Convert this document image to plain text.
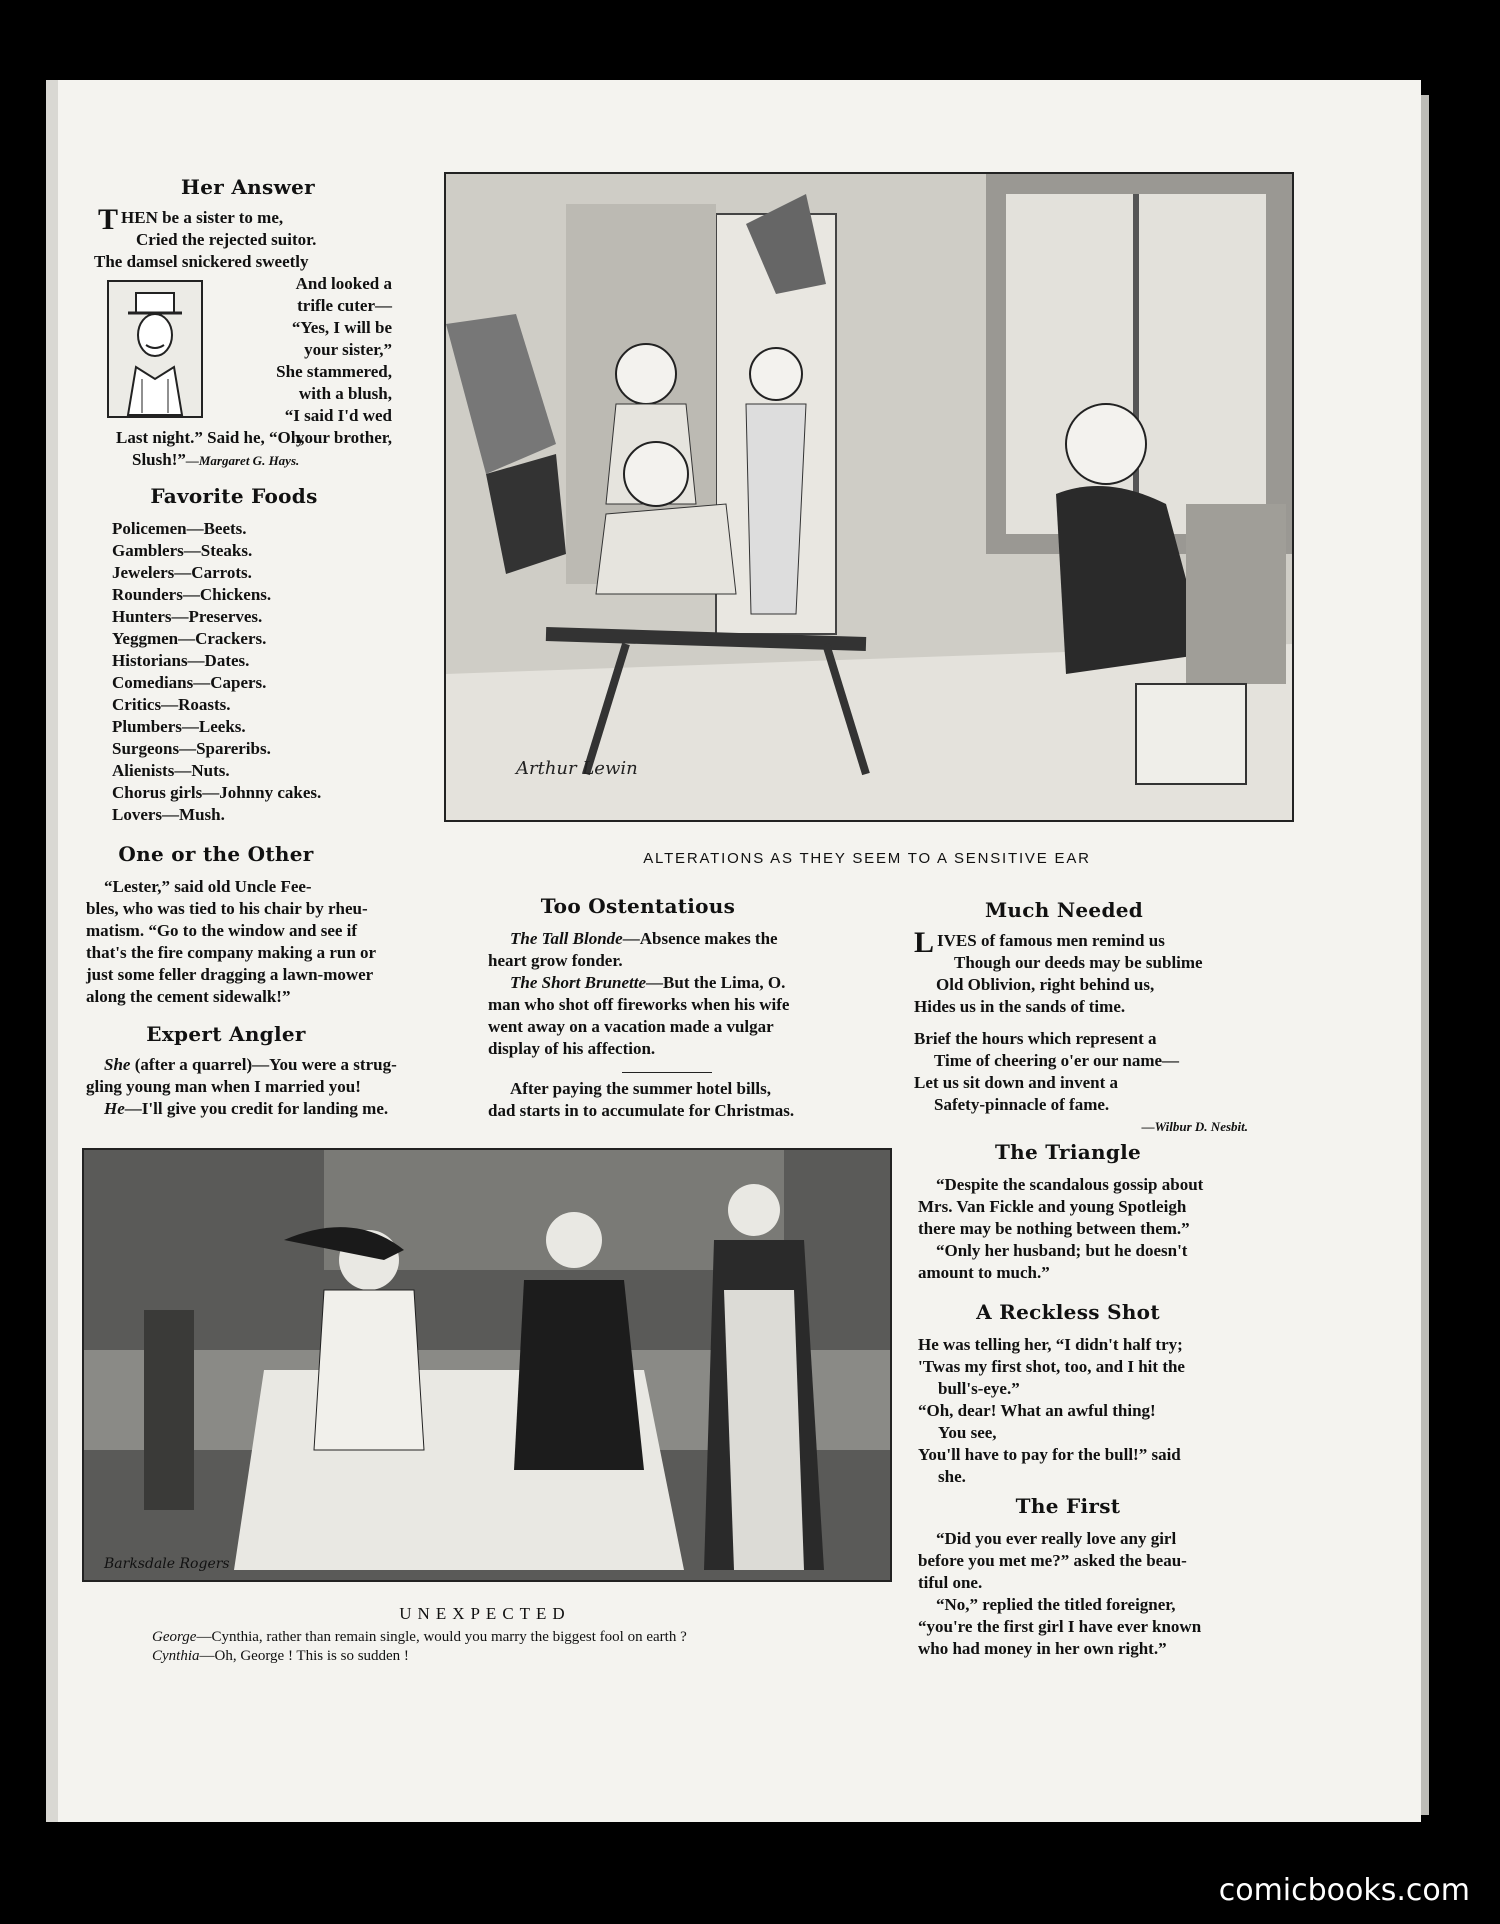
Her Answer
THEN be a sister to me,
Cried the rejected suitor.
The damsel snickered sweetly
And looked a
trifle cuter—
“Yes, I will be
your sister,”
She stammered,
with a blush,
“I said I'd wed
your brother,
Last night.” Said he, “Oh,
Slush!”—Margaret G. Hays.
Favorite Foods
Policemen—Beets.
Gamblers—Steaks.
Jewelers—Carrots.
Rounders—Chickens.
Hunters—Preserves.
Yeggmen—Crackers.
Historians—Dates.
Comedians—Capers.
Critics—Roasts.
Plumbers—Leeks.
Surgeons—Spareribs.
Alienists—Nuts.
Chorus girls—Johnny cakes.
Lovers—Mush.
Arthur Lewin
ALTERATIONS AS THEY SEEM TO A SENSITIVE EAR
One or the Other
“Lester,” said old Uncle Fee-
bles, who was tied to his chair by rheu-
matism. “Go to the window and see if
that's the fire company making a run or
just some feller dragging a lawn-mower
along the cement sidewalk!”
Expert Angler
She (after a quarrel)—You were a strug-
gling young man when I married you!
He—I'll give you credit for landing me.
Too Ostentatious
The Tall Blonde—Absence makes the
heart grow fonder.
The Short Brunette—But the Lima, O.
man who shot off fireworks when his wife
went away on a vacation made a vulgar
display of his affection.
After paying the summer hotel bills,
dad starts in to accumulate for Christmas.
Much Needed
LIVES of famous men remind us
Though our deeds may be sublime
Old Oblivion, right behind us,
Hides us in the sands of time.
Brief the hours which represent a
Time of cheering o'er our name—
Let us sit down and invent a
Safety-pinnacle of fame.
—Wilbur D. Nesbit.
The Triangle
“Despite the scandalous gossip about
Mrs. Van Fickle and young Spotleigh
there may be nothing between them.”
“Only her husband; but he doesn't
amount to much.”
A Reckless Shot
He was telling her, “I didn't half try;
'Twas my first shot, too, and I hit the
bull's-eye.”
“Oh, dear! What an awful thing!
You see,
You'll have to pay for the bull!” said
she.
The First
“Did you ever really love any girl
before you met me?” asked the beau-
tiful one.
“No,” replied the titled foreigner,
“you're the first girl I have ever known
who had money in her own right.”
Barksdale Rogers
UNEXPECTED
George—Cynthia, rather than remain single, would you marry the biggest fool on earth ?
Cynthia—Oh, George ! This is so sudden !
comicbooks.com
